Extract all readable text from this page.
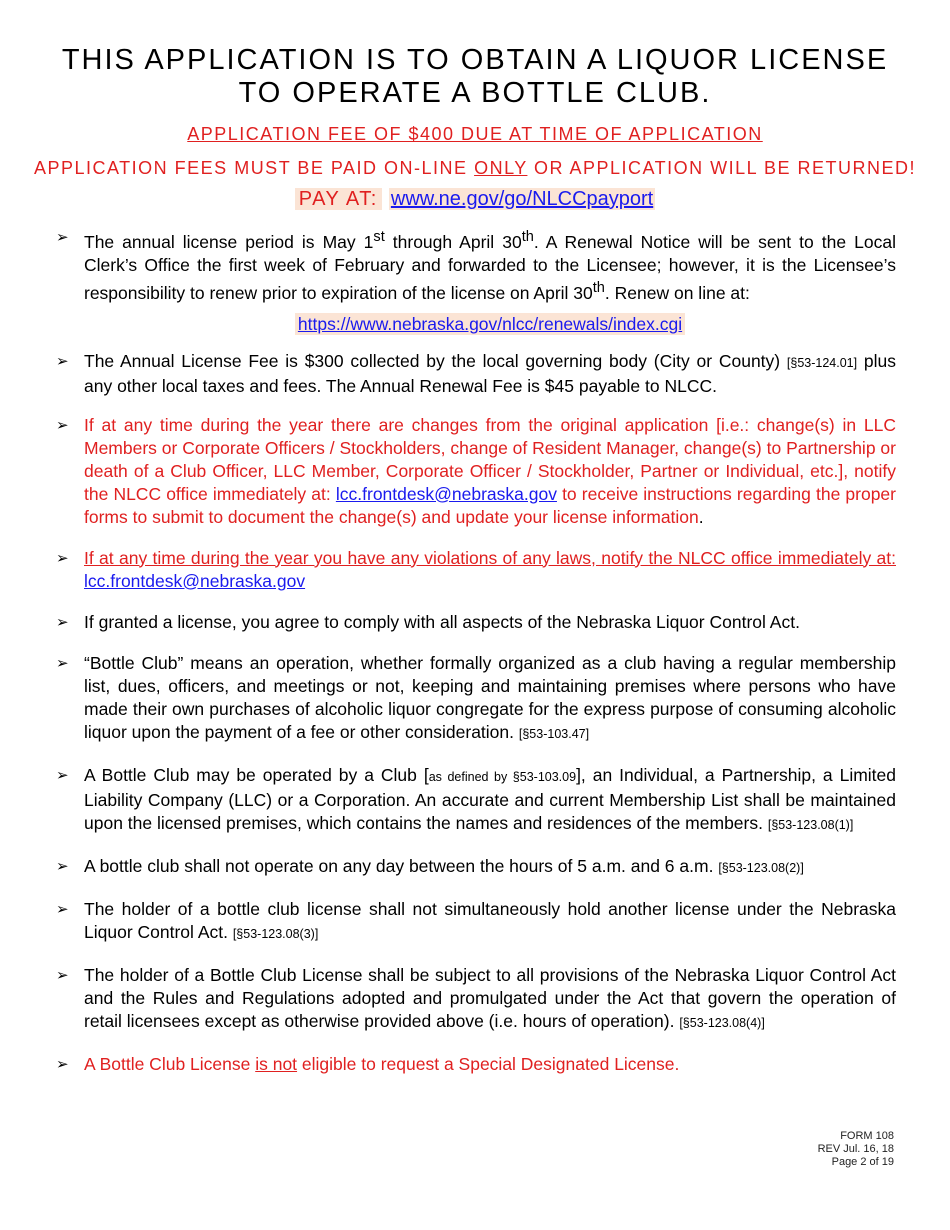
THIS APPLICATION IS TO OBTAIN A LIQUOR LICENSE

TO OPERATE A BOTTLE CLUB.

APPLICATION FEE OF $400 DUE AT TIME OF APPLICATION
APPLICATION FEES MUST BE PAID ON-LINE ONLY OR APPLICATION WILL BE RETURNED!
PAY AT: www.ne.gov/go/NLCCpayport
➢ The annual license period is May 1st through April 30th. A Renewal Notice will be sent to the Local Clerk’s Office the first week of February and forwarded to the Licensee; however, it is the Licensee’s responsibility to renew prior to expiration of the license on April 30th. Renew on line at:
https://www.nebraska.gov/nlcc/renewals/index.cgi
➢ The Annual License Fee is $300 collected by the local governing body (City or County) [§53-124.01] plus any other local taxes and fees. The Annual Renewal Fee is $45 payable to NLCC.
➢ If at any time during the year there are changes from the original application [i.e.: change(s) in LLC Members or Corporate Officers / Stockholders, change of Resident Manager, change(s) to Partnership or death of a Club Officer, LLC Member, Corporate Officer / Stockholder, Partner or Individual, etc.], notify the NLCC office immediately at: lcc.frontdesk@nebraska.gov to receive instructions regarding the proper forms to submit to document the change(s) and update your license information.
➢ If at any time during the year you have any violations of any laws, notify the NLCC office immediately at: lcc.frontdesk@nebraska.gov
➢ If granted a license, you agree to comply with all aspects of the Nebraska Liquor Control Act.
➢ “Bottle Club” means an operation, whether formally organized as a club having a regular membership list, dues, officers, and meetings or not, keeping and maintaining premises where persons who have made their own purchases of alcoholic liquor congregate for the express purpose of consuming alcoholic liquor upon the payment of a fee or other consideration. [§53-103.47]
➢ A Bottle Club may be operated by a Club [as defined by §53-103.09], an Individual, a Partnership, a Limited Liability Company (LLC) or a Corporation. An accurate and current Membership List shall be maintained upon the licensed premises, which contains the names and residences of the members. [§53-123.08(1)]
➢ A bottle club shall not operate on any day between the hours of 5 a.m. and 6 a.m. [§53-123.08(2)]
➢ The holder of a bottle club license shall not simultaneously hold another license under the Nebraska Liquor Control Act. [§53-123.08(3)]
➢ The holder of a Bottle Club License shall be subject to all provisions of the Nebraska Liquor Control Act and the Rules and Regulations adopted and promulgated under the Act that govern the operation of retail licensees except as otherwise provided above (i.e. hours of operation). [§53-123.08(4)]
➢ A Bottle Club License is not eligible to request a Special Designated License.
FORM 108
REV Jul. 16, 18
Page 2 of 19
